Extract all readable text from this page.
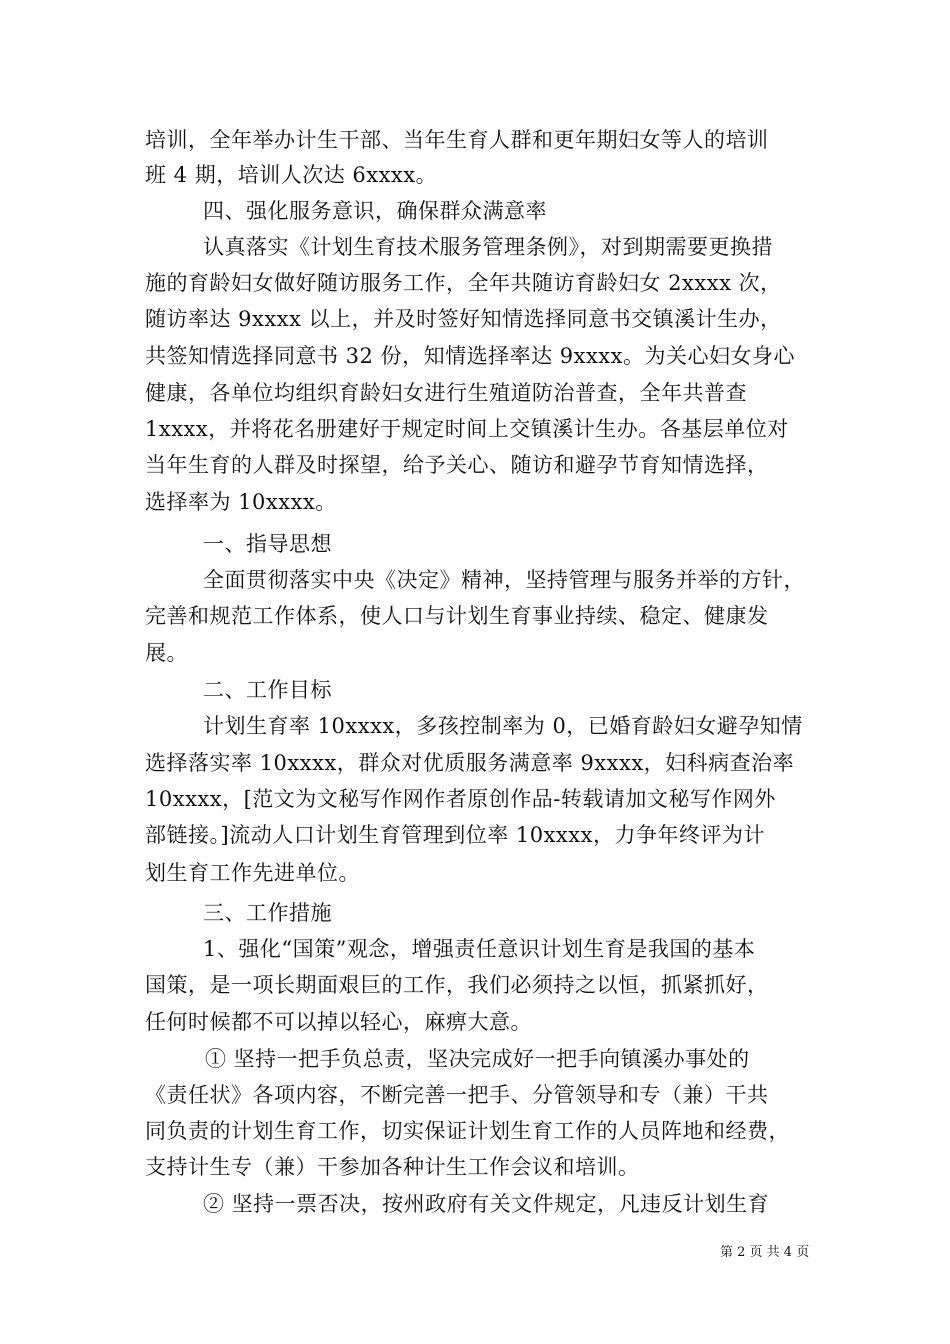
培训，全年举办计生干部、当年生育人群和更年期妇女等人的培训
班 4 期，培训人次达 6xxxx。
四、强化服务意识，确保群众满意率
认真落实《计划生育技术服务管理条例》，对到期需要更换措
施的育龄妇女做好随访服务工作，全年共随访育龄妇女 2xxxx 次，
随访率达 9xxxx 以上，并及时签好知情选择同意书交镇溪计生办，
共签知情选择同意书 32 份，知情选择率达 9xxxx。为关心妇女身心
健康，各单位均组织育龄妇女进行生殖道防治普查，全年共普查
1xxxx，并将花名册建好于规定时间上交镇溪计生办。各基层单位对
当年生育的人群及时探望，给予关心、随访和避孕节育知情选择，
选择率为 10xxxx。
一、指导思想
全面贯彻落实中央《决定》精神，坚持管理与服务并举的方针，
完善和规范工作体系，使人口与计划生育事业持续、稳定、健康发
展。
二、工作目标
计划生育率 10xxxx，多孩控制率为 0，已婚育龄妇女避孕知情
选择落实率 10xxxx，群众对优质服务满意率 9xxxx，妇科病查治率
10xxxx，[范文为文秘写作网作者原创作品-转载请加文秘写作网外
部链接。]流动人口计划生育管理到位率 10xxxx，力争年终评为计
划生育工作先进单位。
三、工作措施
1、强化“国策”观念，增强责任意识计划生育是我国的基本
国策，是一项长期面艰巨的工作，我们必须持之以恒，抓紧抓好，
任何时候都不可以掉以轻心，麻痹大意。
① 坚持一把手负总责，坚决完成好一把手向镇溪办事处的
《责任状》各项内容，不断完善一把手、分管领导和专（兼）干共
同负责的计划生育工作，切实保证计划生育工作的人员阵地和经费，
支持计生专（兼）干参加各种计生工作会议和培训。
② 坚持一票否决，按州政府有关文件规定，凡违反计划生育
第 2 页 共 4 页
